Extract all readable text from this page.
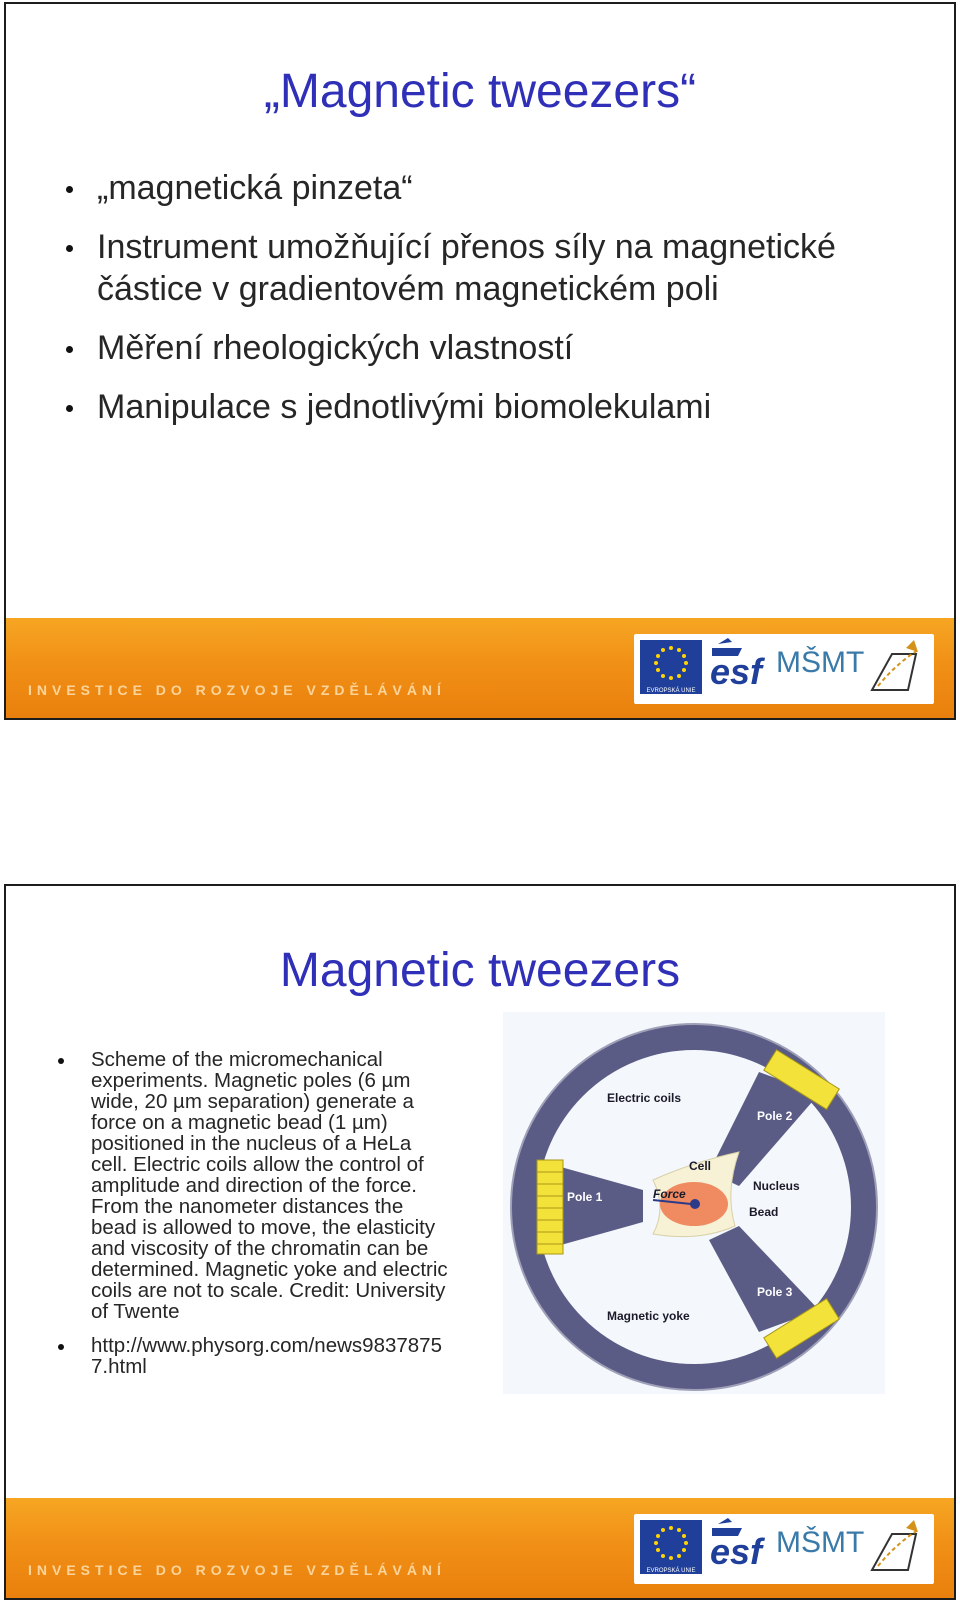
„Magnetic tweezers“
„magnetická pinzeta“
Instrument umožňující přenos síly na magnetické částice v gradientovém magnetickém poli
Měření rheologických vlastností
Manipulace s jednotlivými biomolekulami
INVESTICE DO ROZVOJE VZDĚLÁVÁNÍ	EVROPSKÁ UNIE esf MŠMT
Magnetic tweezers
INVESTICE DO ROZVOJE VZDĚLÁVÁNÍ	EVROPSKÁ UNIE esf MŠMT
Scheme of the micromechanical experiments. Magnetic poles (6 µm wide, 20 µm separation) generate a force on a magnetic bead (1 µm) positioned in the nucleus of a HeLa cell. Electric coils allow the control of amplitude and direction of the force. From the nanometer distances the bead is allowed to move, the elasticity and viscosity of the chromatin can be determined. Magnetic yoke and electric coils are not to scale. Credit: University of Twente
http://www.physorg.com/news98378757.html
Electric coils
Pole 2
Pole 1
Pole 3
Cell
Nucleus
Bead
Force
Magnetic yoke
